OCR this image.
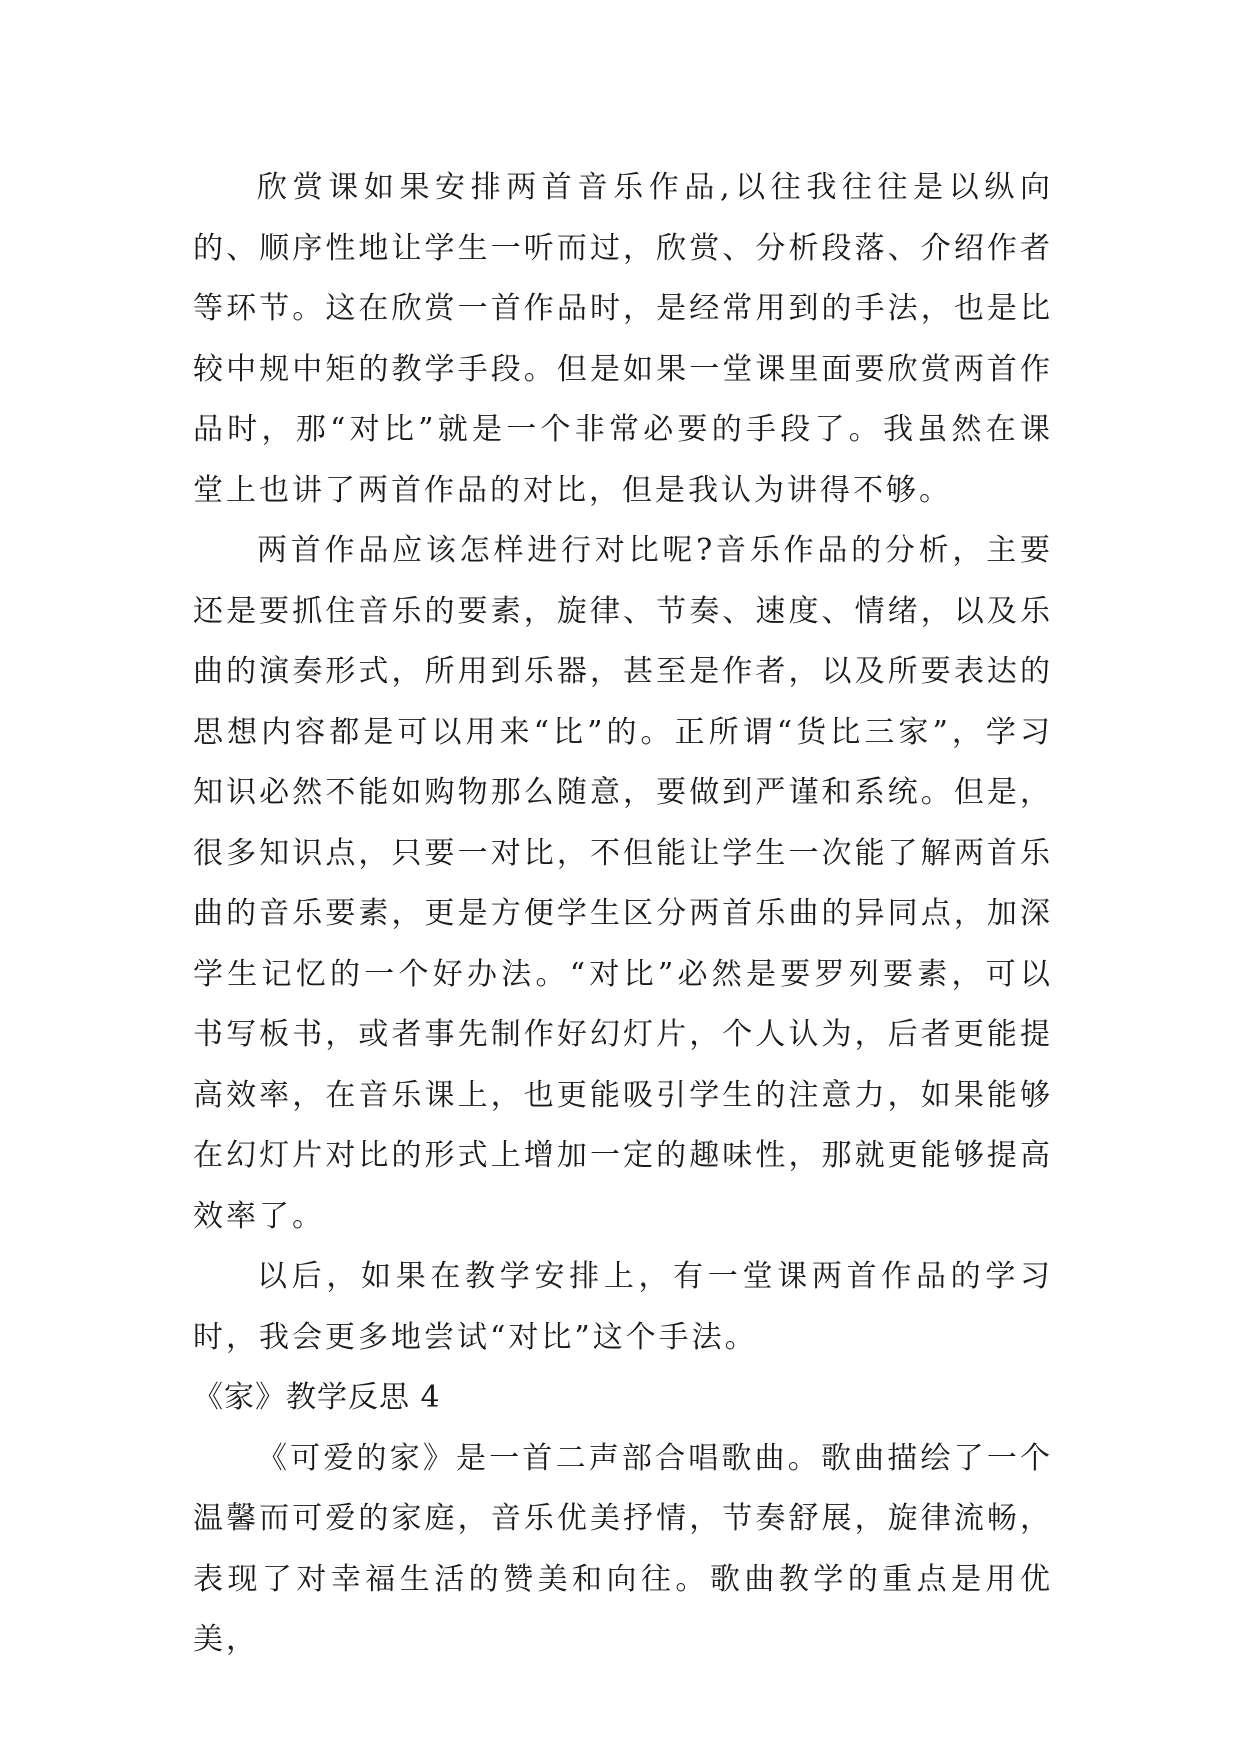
欣赏课如果安排两首音乐作品,以往我往往是以纵向的、顺序性地让学生一听而过，欣赏、分析段落、介绍作者等环节。这在欣赏一首作品时，是经常用到的手法，也是比较中规中矩的教学手段。但是如果一堂课里面要欣赏两首作品时，那“对比”就是一个非常必要的手段了。我虽然在课堂上也讲了两首作品的对比，但是我认为讲得不够。

两首作品应该怎样进行对比呢?音乐作品的分析，主要还是要抓住音乐的要素，旋律、节奏、速度、情绪，以及乐曲的演奏形式，所用到乐器，甚至是作者，以及所要表达的思想内容都是可以用来“比”的。正所谓“货比三家”，学习知识必然不能如购物那么随意，要做到严谨和系统。但是，很多知识点，只要一对比，不但能让学生一次能了解两首乐曲的音乐要素，更是方便学生区分两首乐曲的异同点，加深学生记忆的一个好办法。“对比”必然是要罗列要素，可以书写板书，或者事先制作好幻灯片，个人认为，后者更能提高效率，在音乐课上，也更能吸引学生的注意力，如果能够在幻灯片对比的形式上增加一定的趣味性，那就更能够提高效率了。

以后，如果在教学安排上，有一堂课两首作品的学习时，我会更多地尝试“对比”这个手法。

《家》教学反思 4

《可爱的家》是一首二声部合唱歌曲。歌曲描绘了一个温馨而可爱的家庭，音乐优美抒情，节奏舒展，旋律流畅，表现了对幸福生活的赞美和向往。歌曲教学的重点是用优美，
